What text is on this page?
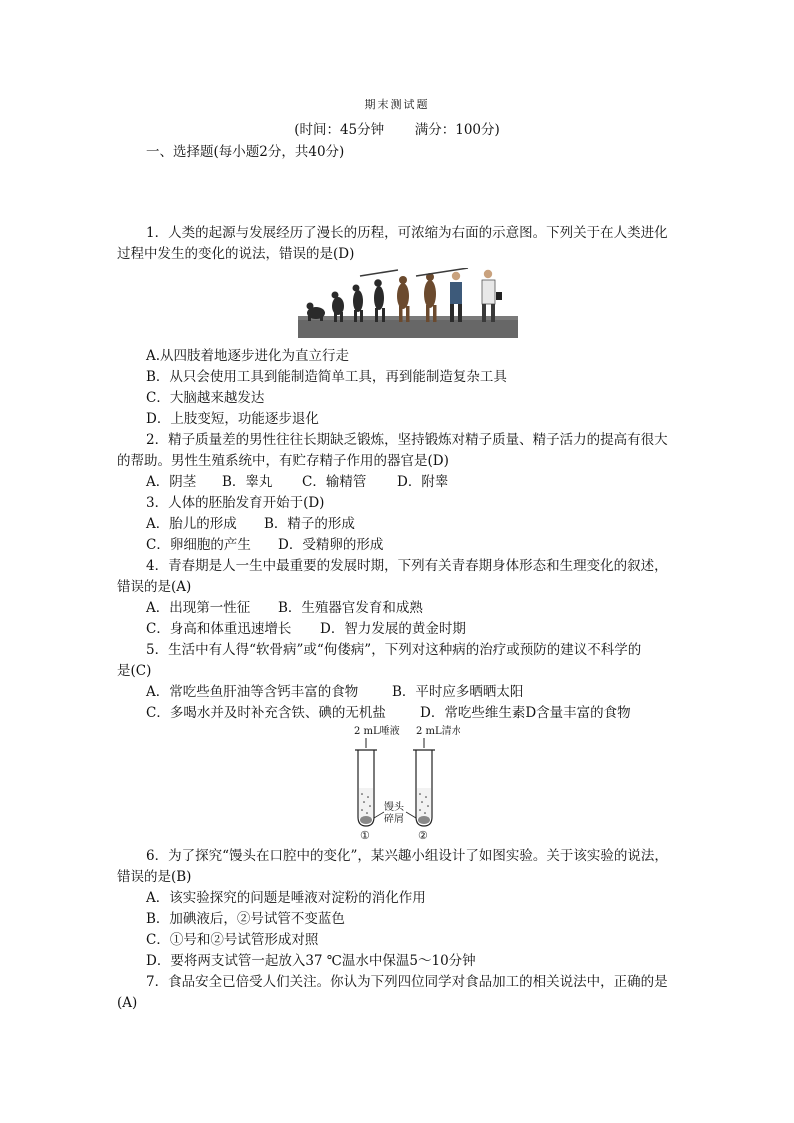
期末测试题
(时间：45分钟 满分：100分)
一、选择题(每小题2分，共40分)
1．人类的起源与发展经历了漫长的历程，可浓缩为右面的示意图。下列关于在人类进化
过程中发生的变化的说法，错误的是(D)
A.从四肢着地逐步进化为直立行走
B．从只会使用工具到能制造简单工具，再到能制造复杂工具
C．大脑越来越发达
D．上肢变短，功能逐步退化
2．精子质量差的男性往往长期缺乏锻炼，坚持锻炼对精子质量、精子活力的提高有很大
的帮助。男性生殖系统中，有贮存精子作用的器官是(D)
A．阴茎 B．睾丸 C．输精管 D．附睾
3．人体的胚胎发育开始于(D)
A．胎儿的形成 B．精子的形成
C．卵细胞的产生 D．受精卵的形成
4．青春期是人一生中最重要的发展时期，下列有关青春期身体形态和生理变化的叙述，
错误的是(A)
A．出现第一性征 B．生殖器官发育和成熟
C．身高和体重迅速增长 D．智力发展的黄金时期
5．生活中有人得“软骨病”或“佝偻病”，下列对这种病的治疗或预防的建议不科学的
是(C)
A．常吃些鱼肝油等含钙丰富的食物	B．平时应多晒晒太阳
C．多喝水并及时补充含铁、碘的无机盐	D．常吃些维生素D含量丰富的食物
2 mL唾液 2 mL清水
馒头
碎屑
①	②
6．为了探究“馒头在口腔中的变化”，某兴趣小组设计了如图实验。关于该实验的说法，
错误的是(B)
A．该实验探究的问题是唾液对淀粉的消化作用
B．加碘液后，②号试管不变蓝色
C．①号和②号试管形成对照
D．要将两支试管一起放入37 ℃温水中保温5～10分钟
7．食品安全已倍受人们关注。你认为下列四位同学对食品加工的相关说法中，正确的是
(A)
